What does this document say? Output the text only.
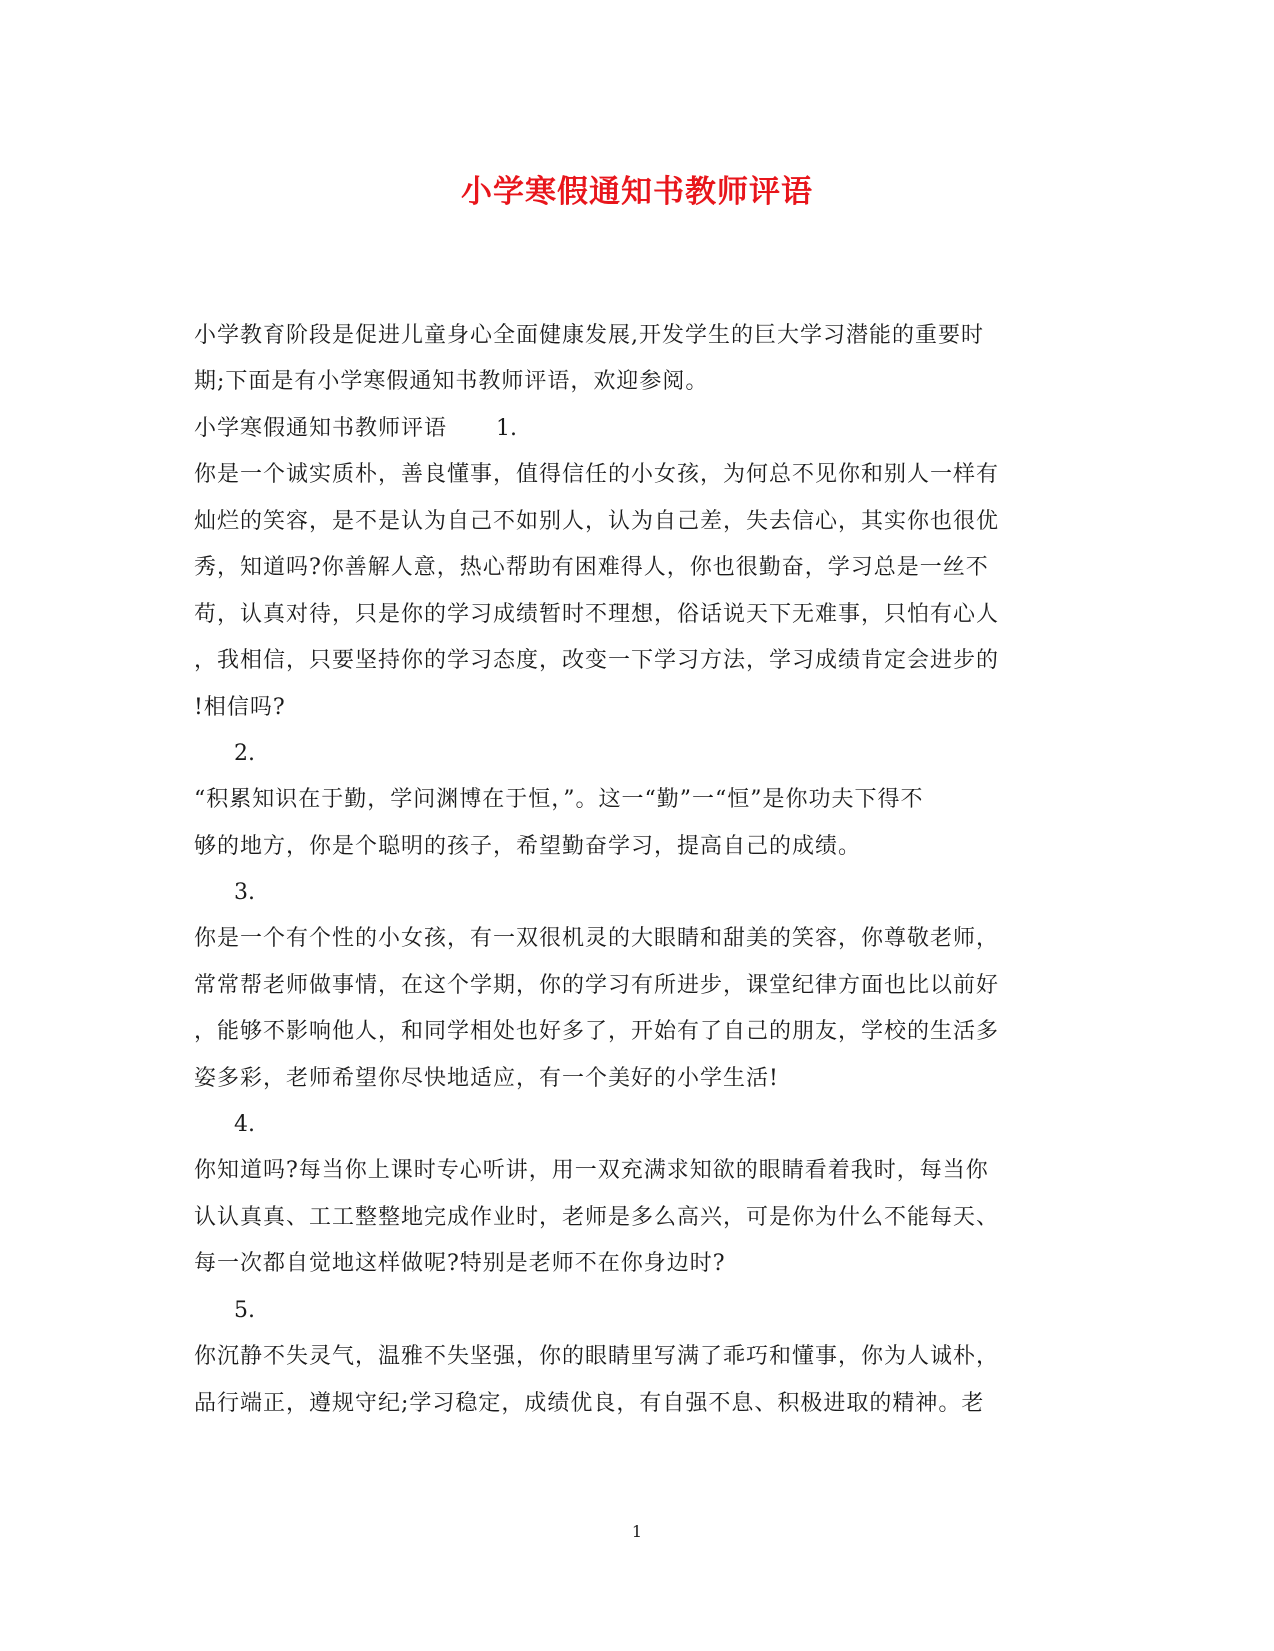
小学寒假通知书教师评语
小学教育阶段是促进儿童身心全面健康发展,开发学生的巨大学习潜能的重要时
期;下面是有小学寒假通知书教师评语，欢迎参阅。
小学寒假通知书教师评语 1.
你是一个诚实质朴，善良懂事，值得信任的小女孩，为何总不见你和别人一样有
灿烂的笑容，是不是认为自己不如别人，认为自己差，失去信心，其实你也很优
秀，知道吗?你善解人意，热心帮助有困难得人，你也很勤奋，学习总是一丝不
苟，认真对待，只是你的学习成绩暂时不理想，俗话说天下无难事，只怕有心人
，我相信，只要坚持你的学习态度，改变一下学习方法，学习成绩肯定会进步的
!相信吗?
2.
“积累知识在于勤，学问渊博在于恒，”。这一“勤”一“恒”是你功夫下得不
够的地方，你是个聪明的孩子，希望勤奋学习，提高自己的成绩。
3.
你是一个有个性的小女孩，有一双很机灵的大眼睛和甜美的笑容，你尊敬老师，
常常帮老师做事情，在这个学期，你的学习有所进步，课堂纪律方面也比以前好
，能够不影响他人，和同学相处也好多了，开始有了自己的朋友，学校的生活多
姿多彩，老师希望你尽快地适应，有一个美好的小学生活!
4.
你知道吗?每当你上课时专心听讲，用一双充满求知欲的眼睛看着我时，每当你
认认真真、工工整整地完成作业时，老师是多么高兴，可是你为什么不能每天、
每一次都自觉地这样做呢?特别是老师不在你身边时?
5.
你沉静不失灵气，温雅不失坚强，你的眼睛里写满了乖巧和懂事，你为人诚朴，
品行端正，遵规守纪;学习稳定，成绩优良，有自强不息、积极进取的精神。老
1
